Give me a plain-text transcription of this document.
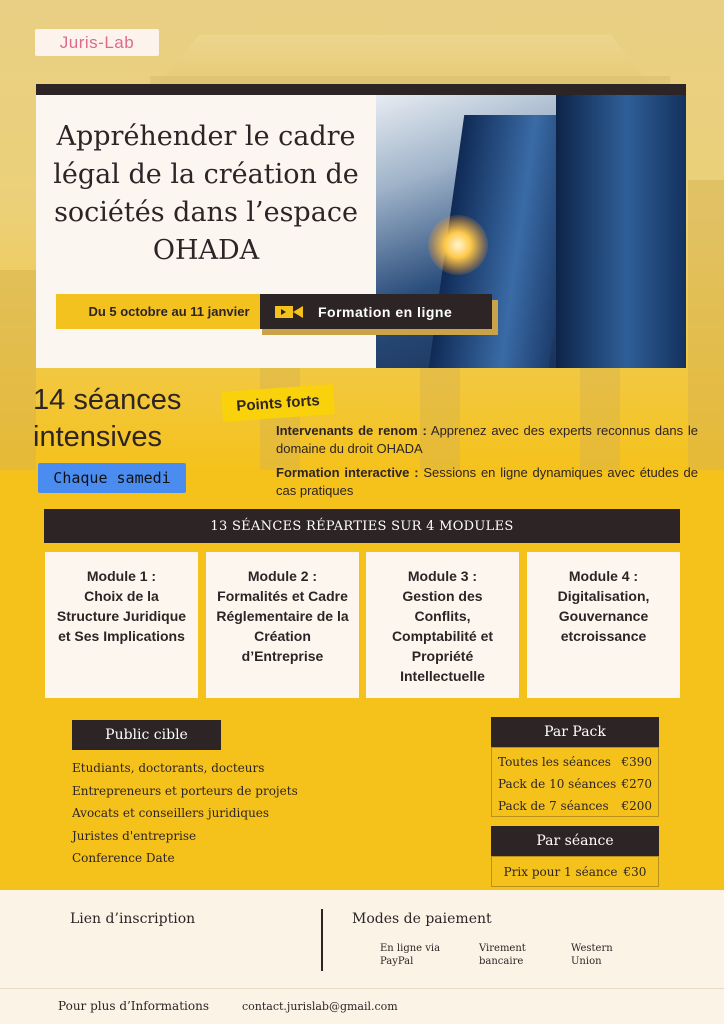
Juris-Lab
Appréhender le cadre légal de la création de sociétés dans l’espace OHADA
Du 5 octobre au 11 janvier	Formation en ligne
14 séances
intensives
Chaque samedi
Points forts
Intervenants de renom : Apprenez avec des experts reconnus dans le domaine du droit OHADA
Formation interactive : Sessions en ligne dynamiques avec études de cas pratiques
13 SÉANCES RÉPARTIES SUR 4 MODULES
Module 1 :
Choix de la Structure Juridique et Ses Implications
Module 2 :
Formalités et Cadre Réglementaire de la Création d’Entreprise
Module 3 :
Gestion des Conflits, Comptabilité et Propriété Intellectuelle
Module 4 :
Digitalisation, Gouvernance etcroissance
Public cible
Etudiants, doctorants, docteurs
Entrepreneurs et porteurs de projets
Avocats et conseillers juridiques
Juristes d'entreprise
Conference Date
Par Pack
Toutes les séances €390
Pack de 10 séances €270
Pack de 7 séances €200
Par séance
Prix pour 1 séance €30
Lien d’inscription	Modes de paiement
En ligne via
PayPal
Virement
bancaire
Western
Union
Pour plus d’Informations	contact.jurislab@gmail.com
